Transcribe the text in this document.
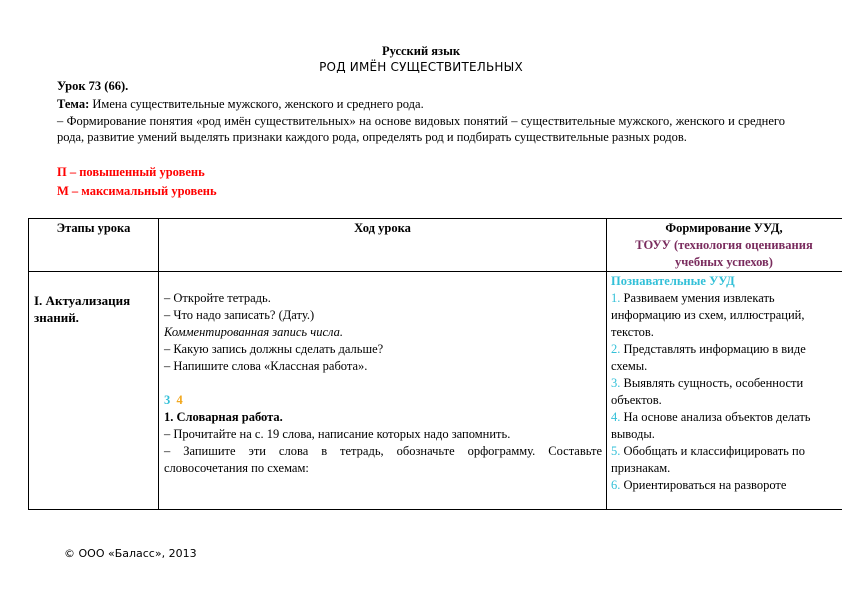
Русский язык
РОД ИМЁН СУЩЕСТВИТЕЛЬНЫХ
Урок 73 (66).
Тема: Имена существительные мужского, женского и среднего рода.
– Формирование понятия «род имён существительных» на основе видовых понятий – существительные мужского, женского и среднего рода, развитие умений выделять признаки каждого рода, определять род и подбирать существительные разных родов.
П – повышенный уровень
М – максимальный уровень
Этапы урока	Ход урока	Формирование УУД,
ТОУУ (технология оценивания
учебных успехов)
I. Актуализация
знаний.
– Откройте тетрадь.
– Что надо записать? (Дату.)
Комментированная запись числа.
– Какую запись должны сделать дальше?
– Напишите слова «Классная работа».
3 4
1. Словарная работа.
– Прочитайте на с. 19 слова, написание которых надо запомнить.
– Запишите эти слова в тетрадь, обозначьте орфограмму. Составьте словосочетания по схемам:
Познавательные УУД
1. Развиваем умения извлекать информацию из схем, иллюстраций, текстов.
2. Представлять информацию в виде схемы.
3. Выявлять сущность, особенности объектов.
4. На основе анализа объектов делать выводы.
5. Обобщать и классифицировать по признакам.
6. Ориентироваться на развороте
© ООО «Баласс», 2013
